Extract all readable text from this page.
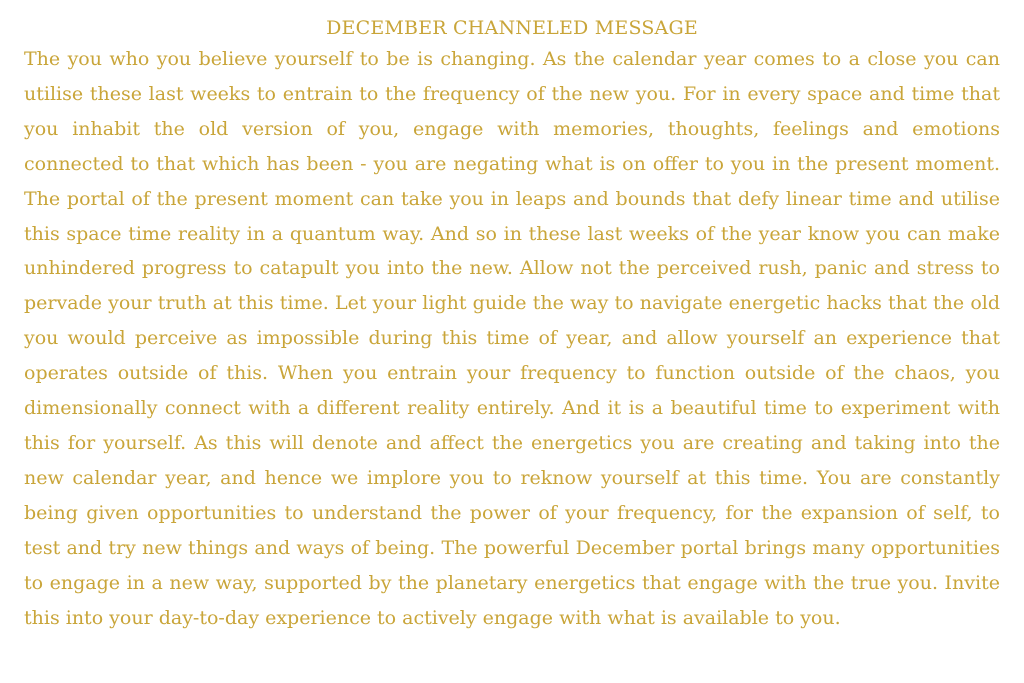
DECEMBER CHANNELED MESSAGE

The you who you believe yourself to be is changing. As the calendar year comes to a close you can utilise these last weeks to entrain to the frequency of the new you. For in every space and time that you inhabit the old version of you, engage with memories, thoughts, feelings and emotions connected to that which has been - you are negating what is on offer to you in the present moment. The portal of the present moment can take you in leaps and bounds that defy linear time and utilise this space time reality in a quantum way. And so in these last weeks of the year know you can make unhindered progress to catapult you into the new. Allow not the perceived rush, panic and stress to pervade your truth at this time. Let your light guide the way to navigate energetic hacks that the old you would perceive as impossible during this time of year, and allow yourself an experience that operates outside of this. When you entrain your frequency to function outside of the chaos, you dimensionally connect with a different reality entirely. And it is a beautiful time to experiment with this for yourself. As this will denote and affect the energetics you are creating and taking into the new calendar year, and hence we implore you to reknow yourself at this time. You are constantly being given opportunities to understand the power of your frequency, for the expansion of self, to test and try new things and ways of being. The powerful December portal brings many opportunities to engage in a new way, supported by the planetary energetics that engage with the true you. Invite this into your day-to-day experience to actively engage with what is available to you.
